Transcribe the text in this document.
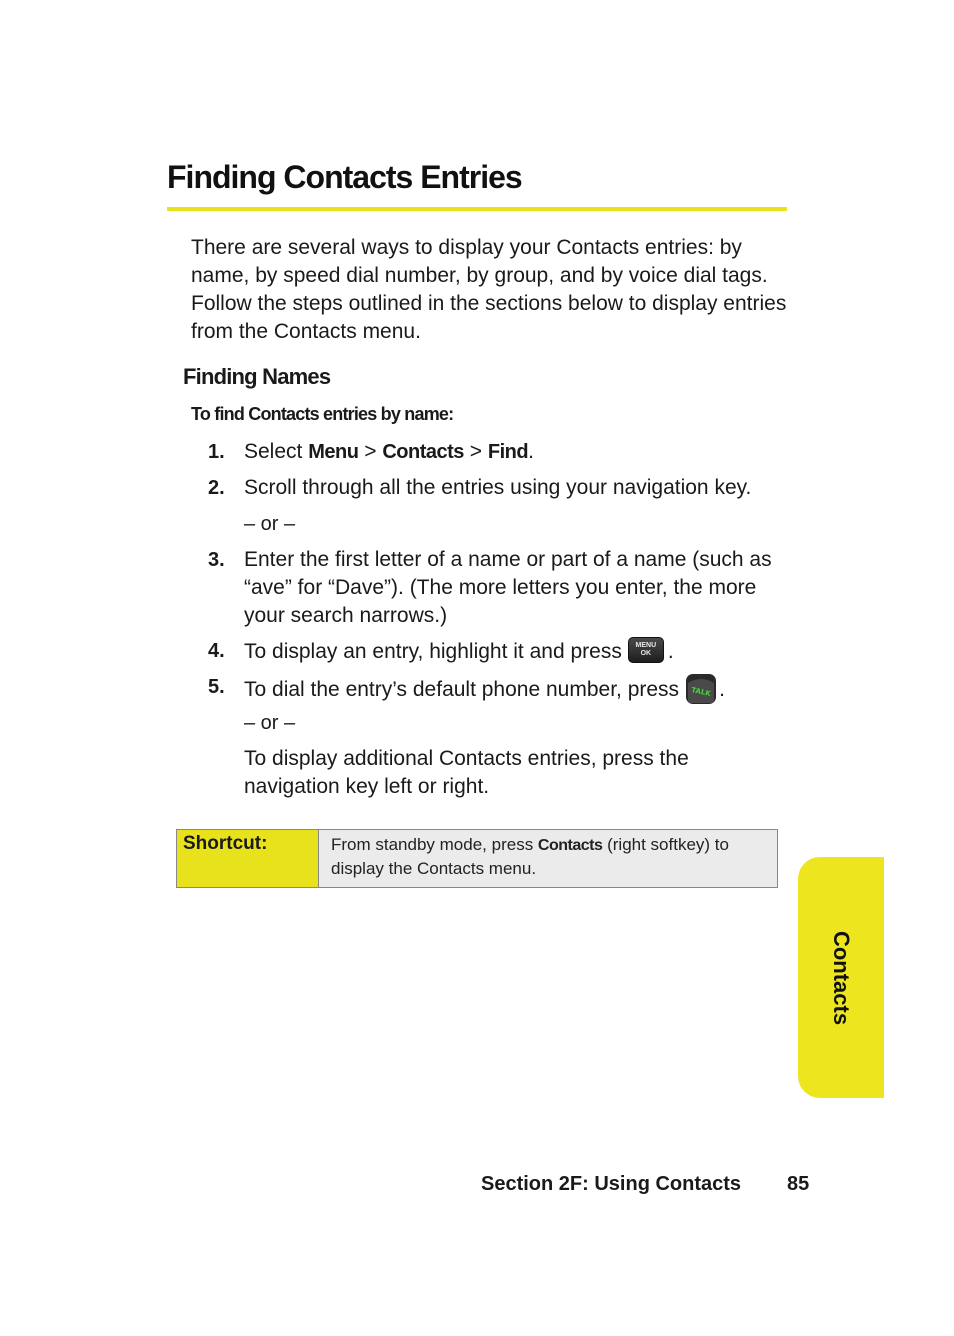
Finding Contacts Entries

There are several ways to display your Contacts entries: by name, by speed dial number, by group, and by voice dial tags. Follow the steps outlined in the sections below to display entries from the Contacts menu.

Finding Names
To find Contacts entries by name:
1. Select Menu > Contacts > Find.
2. Scroll through all the entries using your navigation key.
– or –
3. Enter the first letter of a name or part of a name (such as “ave” for “Dave”). (The more letters you enter, the more your search narrows.)
4. To display an entry, highlight it and press	MENU
OK .
5. To dial the entry’s default phone number, press TALK .
– or –
To display additional Contacts entries, press the navigation key left or right.
Shortcut:	From standby mode, press Contacts (right softkey) to display the Contacts menu.
Contacts
Section 2F: Using Contacts 85
